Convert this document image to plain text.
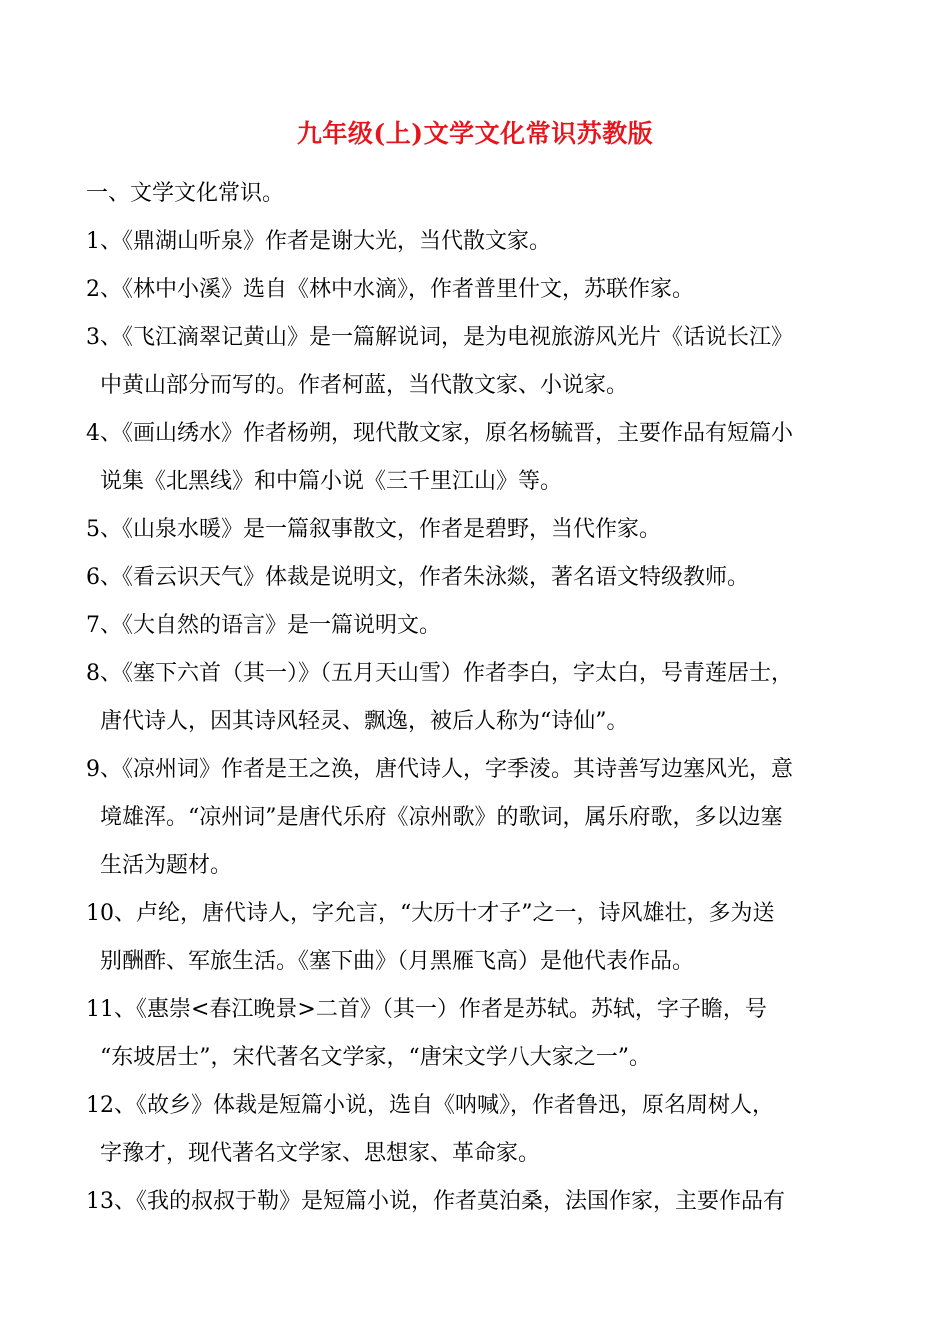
九年级(上)文学文化常识苏教版

一、文学文化常识。

1、《鼎湖山听泉》作者是谢大光，当代散文家。

2、《林中小溪》选自《林中水滴》，作者普里什文，苏联作家。

3、《飞江滴翠记黄山》是一篇解说词，是为电视旅游风光片《话说长江》
中黄山部分而写的。作者柯蓝，当代散文家、小说家。

4、《画山绣水》作者杨朔，现代散文家，原名杨毓晋，主要作品有短篇小
说集《北黑线》和中篇小说《三千里江山》等。

5、《山泉水暖》是一篇叙事散文，作者是碧野，当代作家。

6、《看云识天气》体裁是说明文，作者朱泳燚，著名语文特级教师。

7、《大自然的语言》是一篇说明文。

8、《塞下六首（其一）》（五月天山雪）作者李白，字太白，号青莲居士，
唐代诗人，因其诗风轻灵、飘逸，被后人称为“诗仙”。

9、《凉州词》作者是王之涣，唐代诗人，字季淩。其诗善写边塞风光，意
境雄浑。“凉州词”是唐代乐府《凉州歌》的歌词，属乐府歌，多以边塞
生活为题材。

10、卢纶，唐代诗人，字允言，“大历十才子”之一，诗风雄壮，多为送
别酬酢、军旅生活。《塞下曲》（月黑雁飞高）是他代表作品。

11、《惠崇<春江晚景>二首》（其一）作者是苏轼。苏轼，字子瞻，号
“东坡居士”，宋代著名文学家，“唐宋文学八大家之一”。

12、《故乡》体裁是短篇小说，选自《呐喊》，作者鲁迅，原名周树人，
字豫才，现代著名文学家、思想家、革命家。

13、《我的叔叔于勒》是短篇小说，作者莫泊桑，法国作家，主要作品有
